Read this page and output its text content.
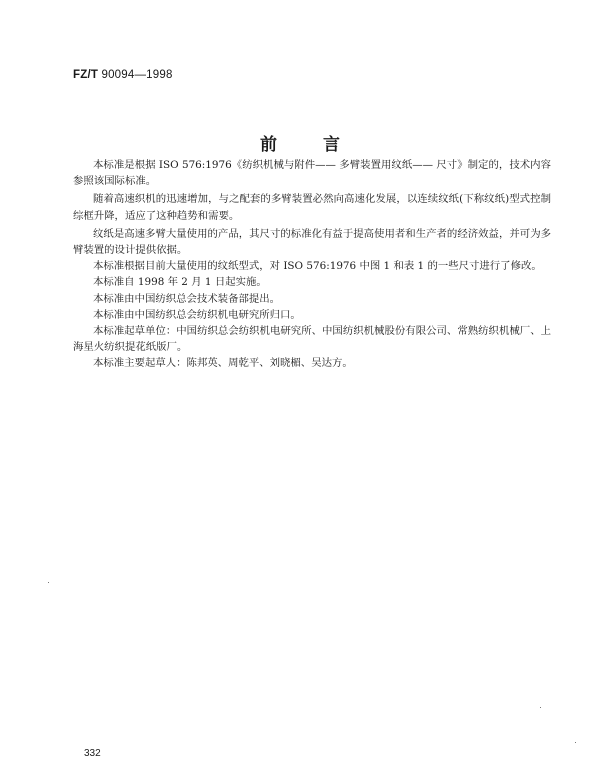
FZ/T 90094—1998
前言

本标准是根据 ISO 576:1976《纺织机械与附件—— 多臂装置用纹纸—— 尺寸》制定的，技术内容参照该国际标准。

随着高速织机的迅速增加，与之配套的多臂装置必然向高速化发展，以连续纹纸(下称纹纸)型式控制综框升降，适应了这种趋势和需要。

纹纸是高速多臂大量使用的产品，其尺寸的标准化有益于提高使用者和生产者的经济效益，并可为多臂装置的设计提供依据。

本标准根据目前大量使用的纹纸型式，对 ISO 576:1976 中图 1 和表 1 的一些尺寸进行了修改。

本标准自 1998 年 2 月 1 日起实施。

本标准由中国纺织总会技术装备部提出。

本标准由中国纺织总会纺织机电研究所归口。

本标准起草单位：中国纺织总会纺织机电研究所、中国纺织机械股份有限公司、常熟纺织机械厂、上海星火纺织提花纸版厂。

本标准主要起草人：陈邦英、周乾平、刘晓楣、吴达方。

332
